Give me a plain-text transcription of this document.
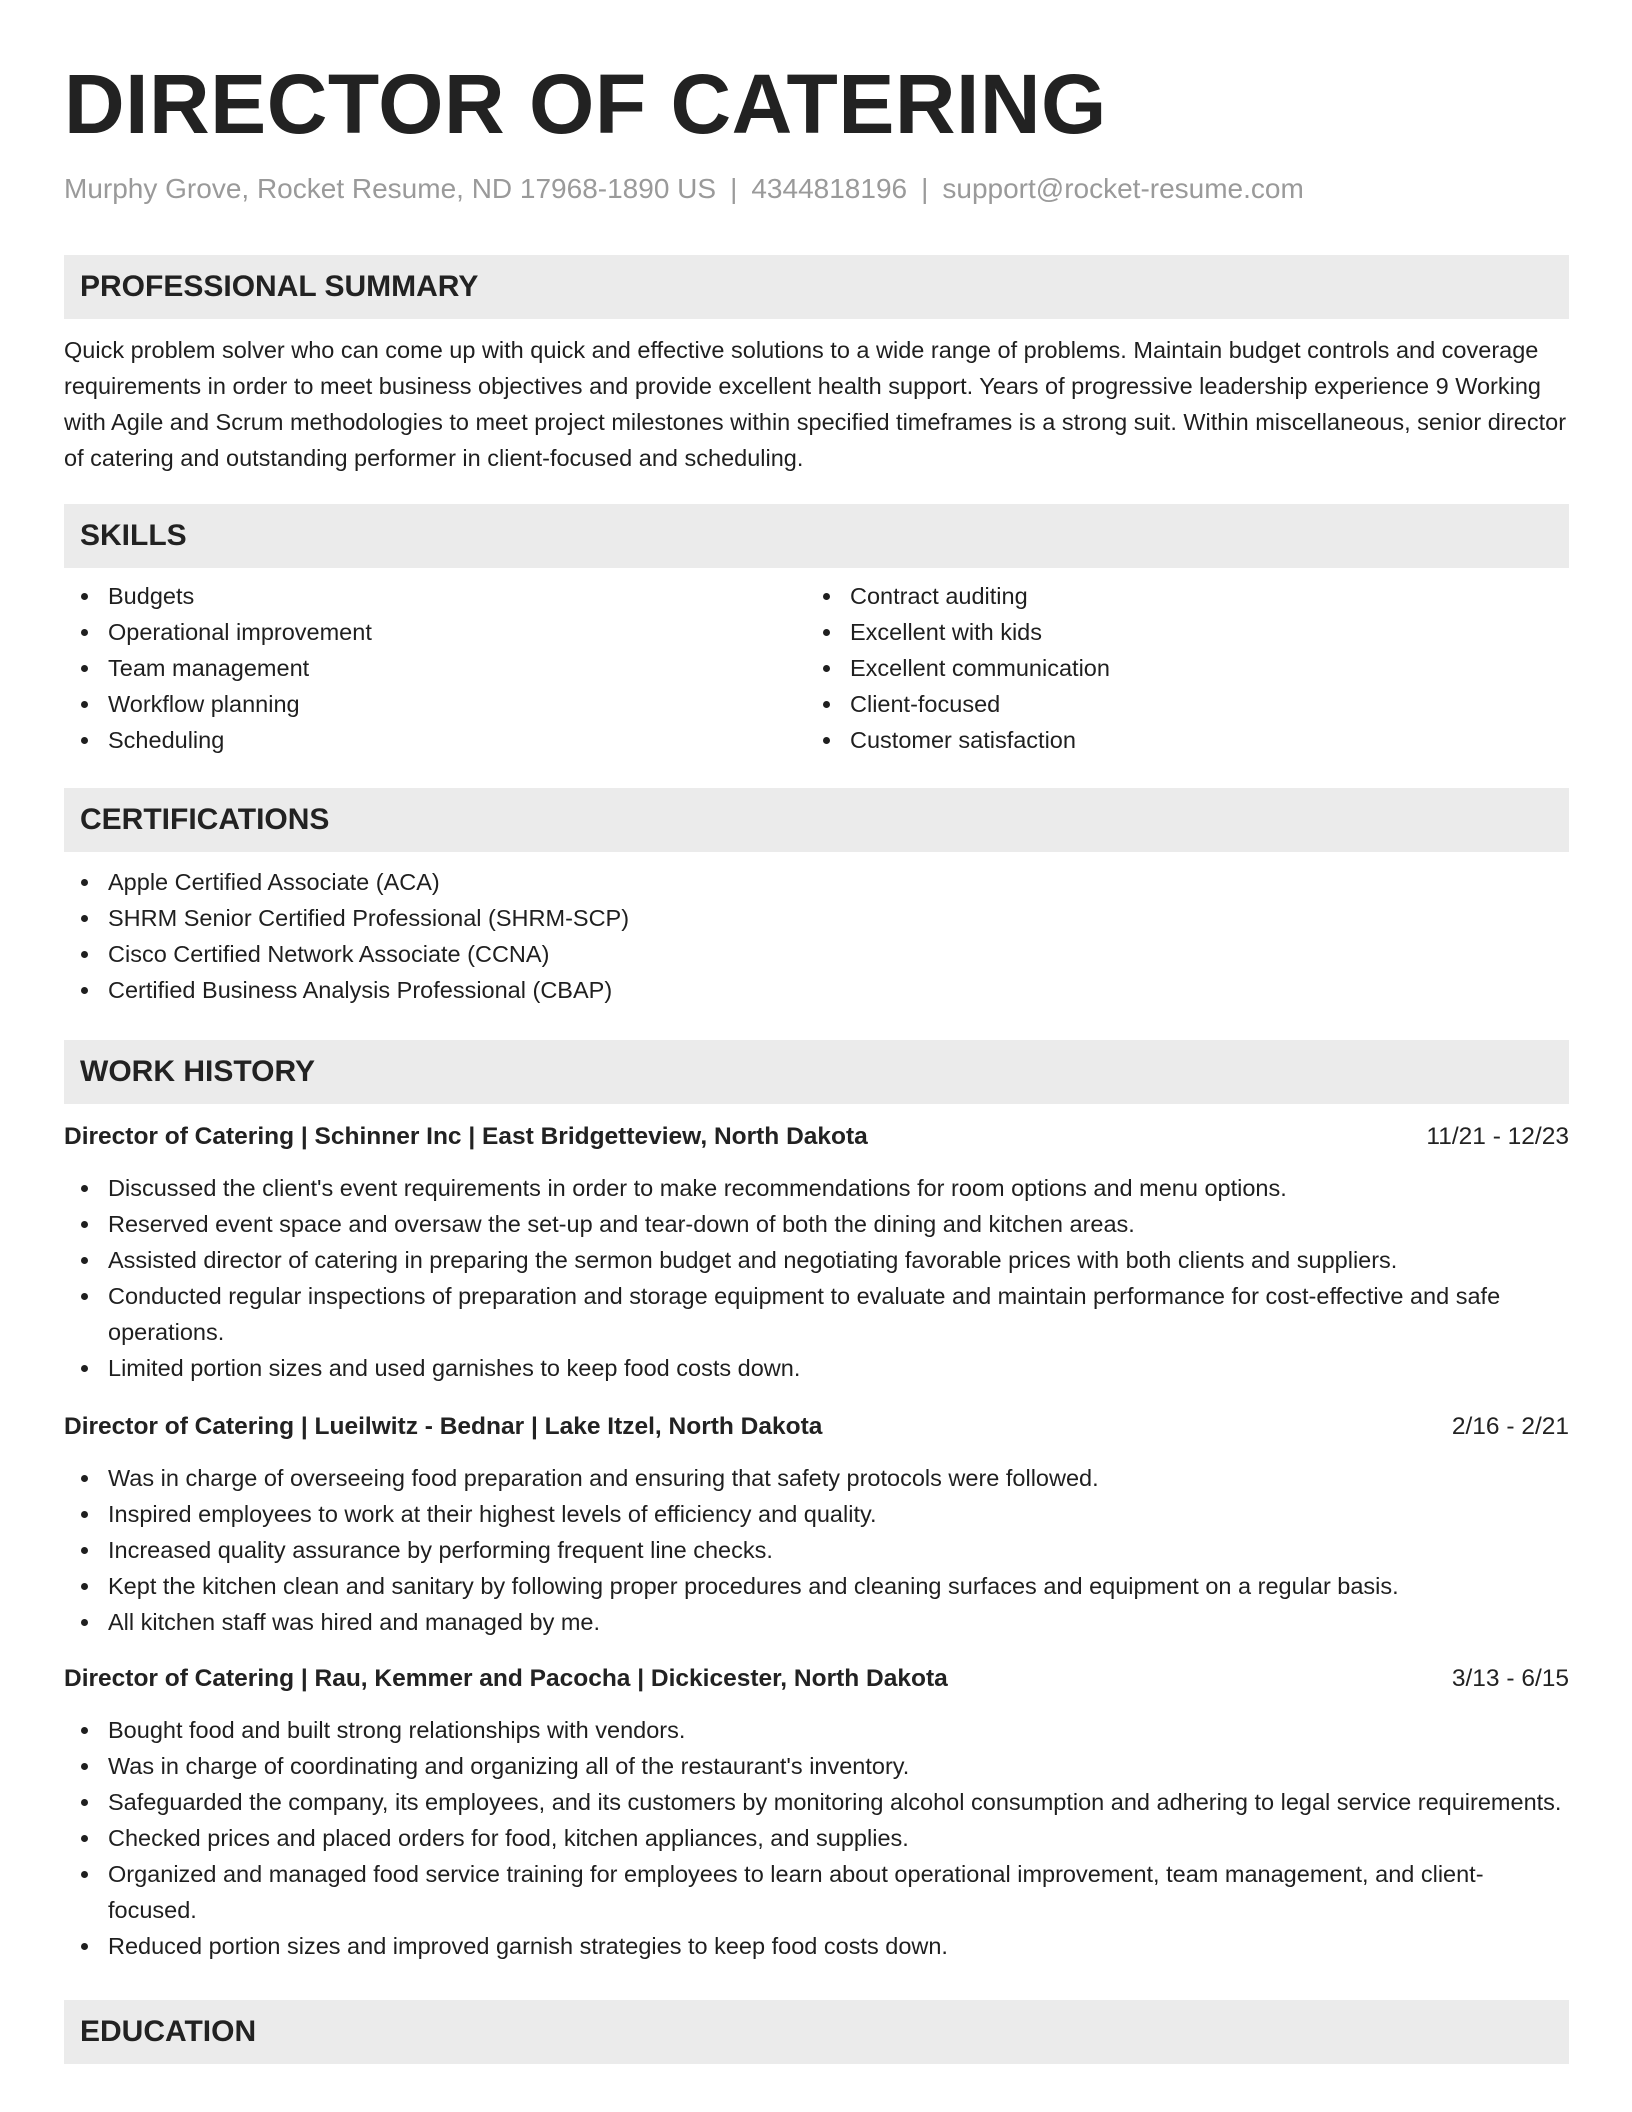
DIRECTOR OF CATERING
Murphy Grove, Rocket Resume, ND 17968-1890 US | 4344818196 | support@rocket-resume.com
PROFESSIONAL SUMMARY

Quick problem solver who can come up with quick and effective solutions to a wide range of problems. Maintain budget controls and coverage requirements in order to meet business objectives and provide excellent health support. Years of progressive leadership experience 9 Working with Agile and Scrum methodologies to meet project milestones within specified timeframes is a strong suit. Within miscellaneous, senior director of catering and outstanding performer in client-focused and scheduling.

SKILLS
Budgets
Operational improvement
Team management
Workflow planning
Scheduling
Contract auditing
Excellent with kids
Excellent communication
Client-focused
Customer satisfaction
CERTIFICATIONS
Apple Certified Associate (ACA)
SHRM Senior Certified Professional (SHRM-SCP)
Cisco Certified Network Associate (CCNA)
Certified Business Analysis Professional (CBAP)
WORK HISTORY
Director of Catering | Schinner Inc | East Bridgetteview, North Dakota	11/21 - 12/23
Discussed the client's event requirements in order to make recommendations for room options and menu options.
Reserved event space and oversaw the set-up and tear-down of both the dining and kitchen areas.
Assisted director of catering in preparing the sermon budget and negotiating favorable prices with both clients and suppliers.
Conducted regular inspections of preparation and storage equipment to evaluate and maintain performance for cost-effective and safe operations.
Limited portion sizes and used garnishes to keep food costs down.
Director of Catering | Lueilwitz - Bednar | Lake Itzel, North Dakota	2/16 - 2/21
Was in charge of overseeing food preparation and ensuring that safety protocols were followed.
Inspired employees to work at their highest levels of efficiency and quality.
Increased quality assurance by performing frequent line checks.
Kept the kitchen clean and sanitary by following proper procedures and cleaning surfaces and equipment on a regular basis.
All kitchen staff was hired and managed by me.
Director of Catering | Rau, Kemmer and Pacocha | Dickicester, North Dakota	3/13 - 6/15
Bought food and built strong relationships with vendors.
Was in charge of coordinating and organizing all of the restaurant's inventory.
Safeguarded the company, its employees, and its customers by monitoring alcohol consumption and adhering to legal service requirements.
Checked prices and placed orders for food, kitchen appliances, and supplies.
Organized and managed food service training for employees to learn about operational improvement, team management, and client-focused.
Reduced portion sizes and improved garnish strategies to keep food costs down.
EDUCATION
